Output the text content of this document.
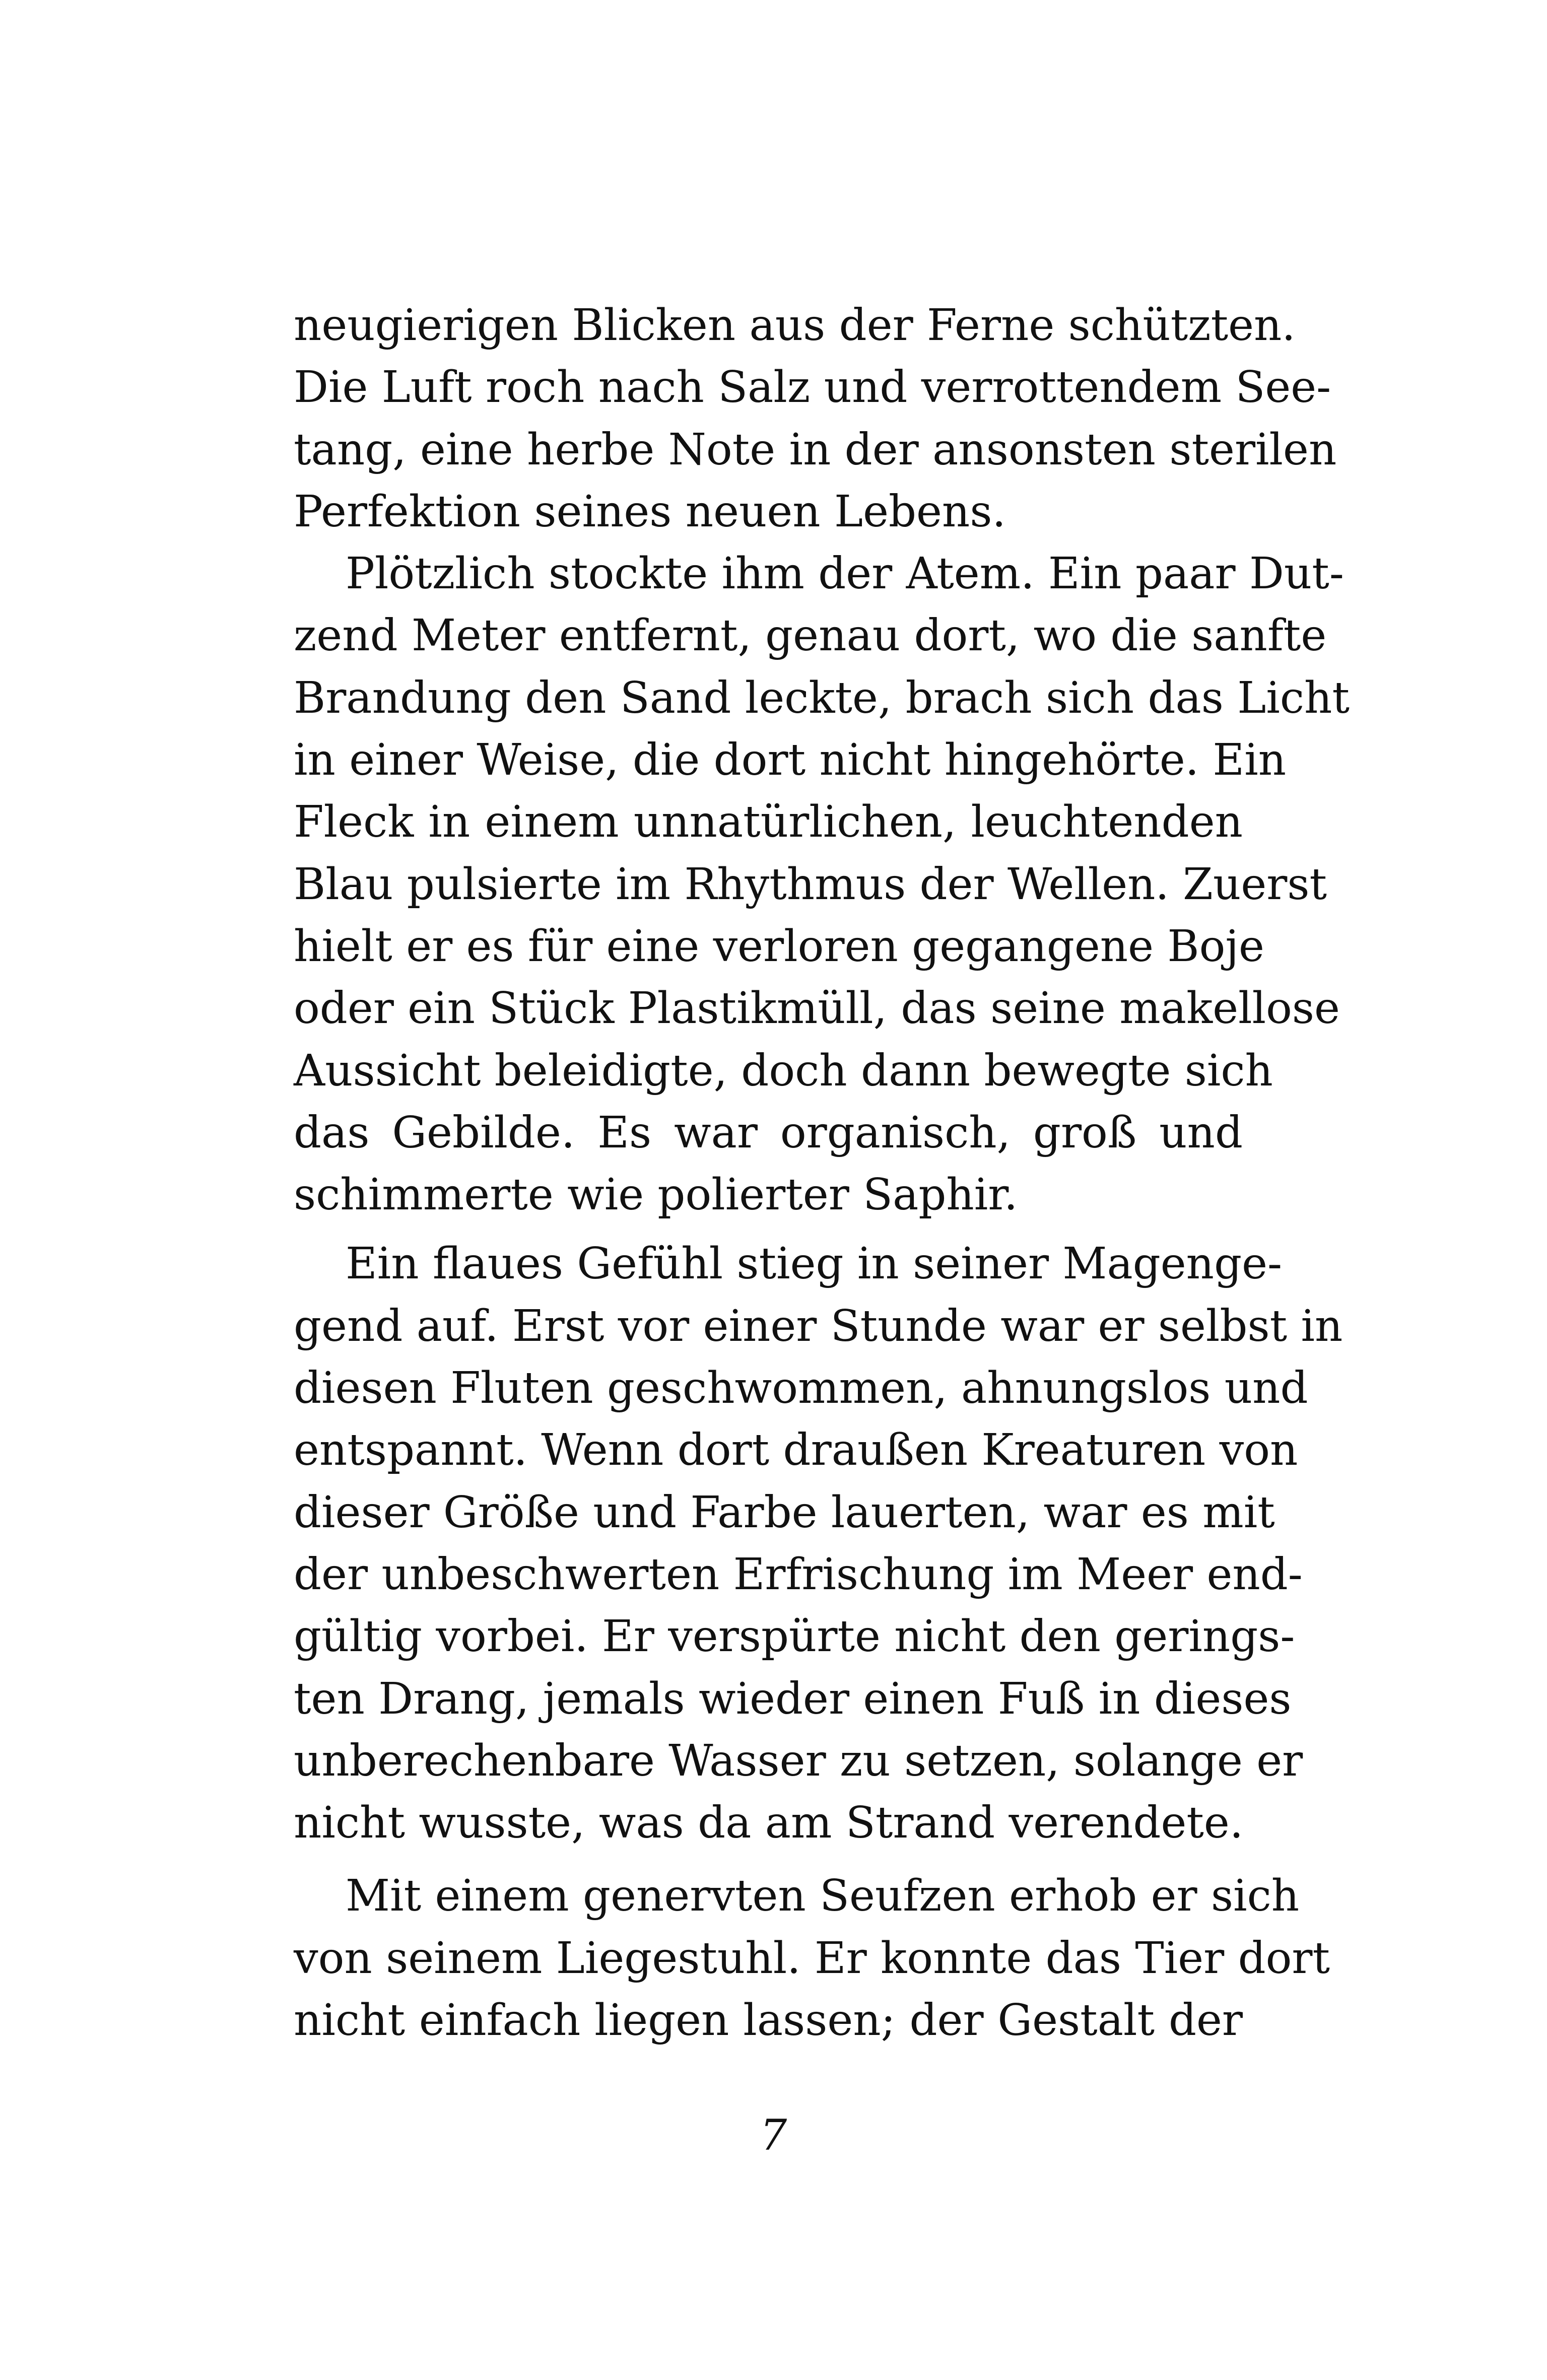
neugierigen Blicken aus der Ferne schützten.
Die Luft roch nach Salz und verrottendem See-
tang, eine herbe Note in der ansonsten sterilen
Perfektion seines neuen Lebens.
Plötzlich stockte ihm der Atem. Ein paar Dut-
zend Meter entfernt, genau dort, wo die sanfte
Brandung den Sand leckte, brach sich das Licht
in einer Weise, die dort nicht hingehörte. Ein
Fleck in einem unnatürlichen, leuchtenden
Blau pulsierte im Rhythmus der Wellen. Zuerst
hielt er es für eine verloren gegangene Boje
oder ein Stück Plastikmüll, das seine makellose
Aussicht beleidigte, doch dann bewegte sich
das Gebilde. Es war organisch, groß und
schimmerte wie polierter Saphir.
Ein flaues Gefühl stieg in seiner Magenge-
gend auf. Erst vor einer Stunde war er selbst in
diesen Fluten geschwommen, ahnungslos und
entspannt. Wenn dort draußen Kreaturen von
dieser Größe und Farbe lauerten, war es mit
der unbeschwerten Erfrischung im Meer end-
gültig vorbei. Er verspürte nicht den gerings-
ten Drang, jemals wieder einen Fuß in dieses
unberechenbare Wasser zu setzen, solange er
nicht wusste, was da am Strand verendete.
Mit einem genervten Seufzen erhob er sich
von seinem Liegestuhl. Er konnte das Tier dort
nicht einfach liegen lassen; der Gestalt der
7
